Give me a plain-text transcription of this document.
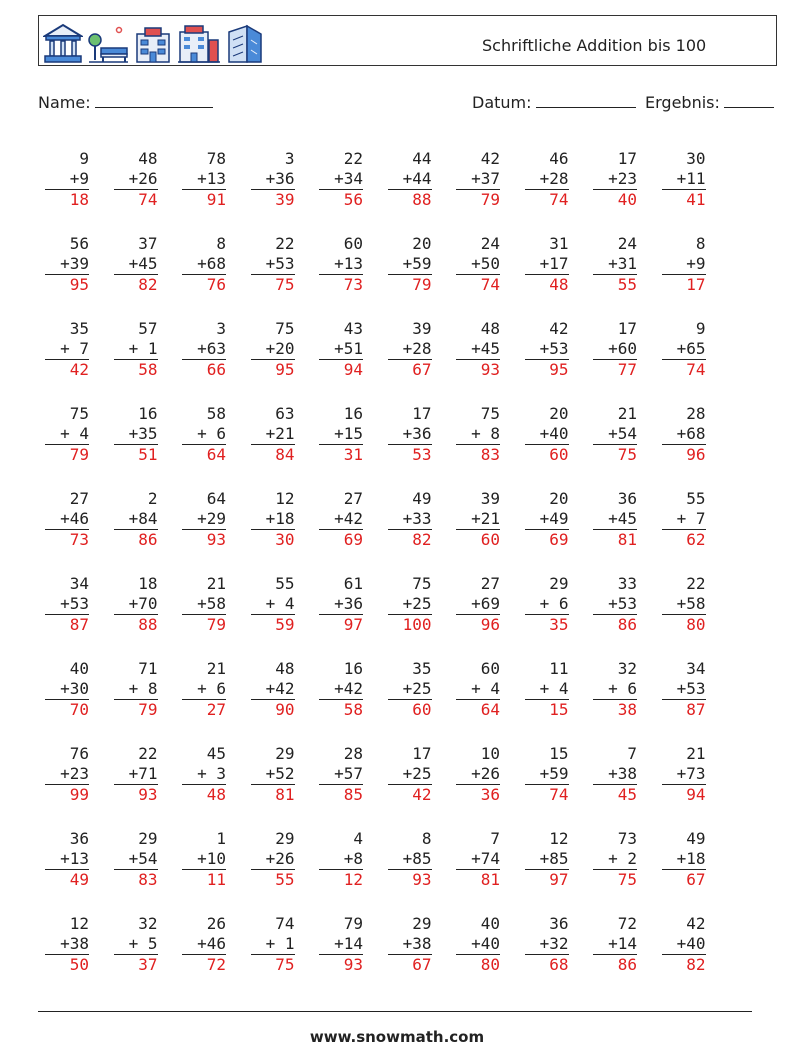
Schriftliche Addition bis 100
Name:	Datum:	Ergebnis:
9
+9
18
48
+26
74
78
+13
91
3
+36
39
22
+34
56
44
+44
88
42
+37
79
46
+28
74
17
+23
40
30
+11
41
56
+39
95
37
+45
82
8
+68
76
22
+53
75
60
+13
73
20
+59
79
24
+50
74
31
+17
48
24
+31
55
8
+9
17
35
+ 7
42
57
+ 1
58
3
+63
66
75
+20
95
43
+51
94
39
+28
67
48
+45
93
42
+53
95
17
+60
77
9
+65
74
75
+ 4
79
16
+35
51
58
+ 6
64
63
+21
84
16
+15
31
17
+36
53
75
+ 8
83
20
+40
60
21
+54
75
28
+68
96
27
+46
73
2
+84
86
64
+29
93
12
+18
30
27
+42
69
49
+33
82
39
+21
60
20
+49
69
36
+45
81
55
+ 7
62
34
+53
87
18
+70
88
21
+58
79
55
+ 4
59
61
+36
97
75
+25
100
27
+69
96
29
+ 6
35
33
+53
86
22
+58
80
40
+30
70
71
+ 8
79
21
+ 6
27
48
+42
90
16
+42
58
35
+25
60
60
+ 4
64
11
+ 4
15
32
+ 6
38
34
+53
87
76
+23
99
22
+71
93
45
+ 3
48
29
+52
81
28
+57
85
17
+25
42
10
+26
36
15
+59
74
7
+38
45
21
+73
94
36
+13
49
29
+54
83
1
+10
11
29
+26
55
4
+8
12
8
+85
93
7
+74
81
12
+85
97
73
+ 2
75
49
+18
67
12
+38
50
32
+ 5
37
26
+46
72
74
+ 1
75
79
+14
93
29
+38
67
40
+40
80
36
+32
68
72
+14
86
42
+40
82
www.snowmath.com
